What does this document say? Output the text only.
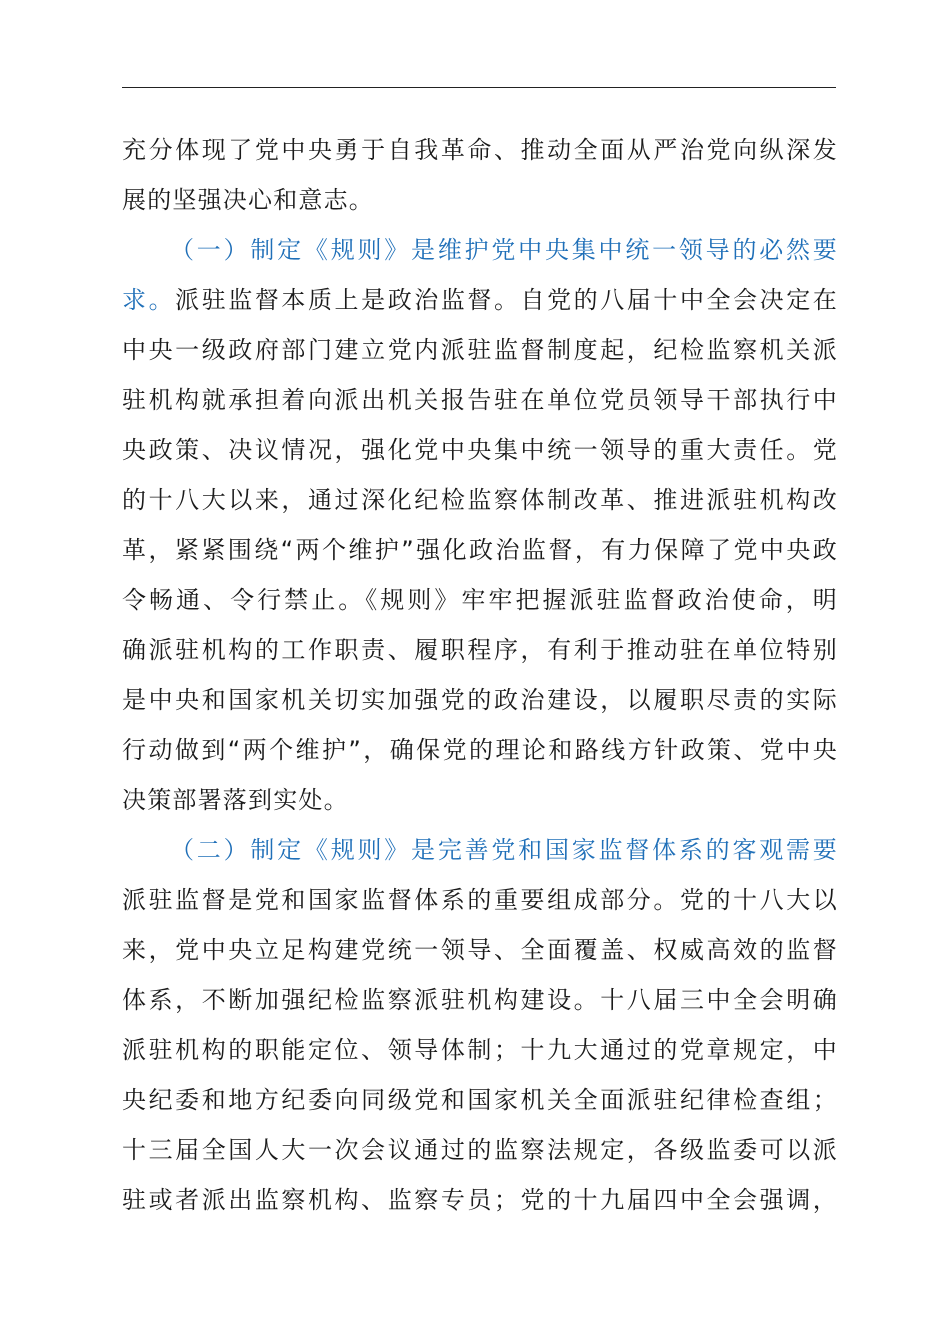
充分体现了党中央勇于自我革命、推动全面从严治党向纵深发
展的坚强决心和意志。
（一）制定《规则》是维护党中央集中统一领导的必然要
求。派驻监督本质上是政治监督。自党的八届十中全会决定在
中央一级政府部门建立党内派驻监督制度起，纪检监察机关派
驻机构就承担着向派出机关报告驻在单位党员领导干部执行中
央政策、决议情况，强化党中央集中统一领导的重大责任。党
的十八大以来，通过深化纪检监察体制改革、推进派驻机构改
革，紧紧围绕“两个维护”强化政治监督，有力保障了党中央政
令畅通、令行禁止。《规则》牢牢把握派驻监督政治使命，明
确派驻机构的工作职责、履职程序，有利于推动驻在单位特别
是中央和国家机关切实加强党的政治建设，以履职尽责的实际
行动做到“两个维护”，确保党的理论和路线方针政策、党中央
决策部署落到实处。
（二）制定《规则》是完善党和国家监督体系的客观需要
派驻监督是党和国家监督体系的重要组成部分。党的十八大以
来，党中央立足构建党统一领导、全面覆盖、权威高效的监督
体系，不断加强纪检监察派驻机构建设。十八届三中全会明确
派驻机构的职能定位、领导体制；十九大通过的党章规定，中
央纪委和地方纪委向同级党和国家机关全面派驻纪律检查组；
十三届全国人大一次会议通过的监察法规定，各级监委可以派
驻或者派出监察机构、监察专员；党的十九届四中全会强调，
